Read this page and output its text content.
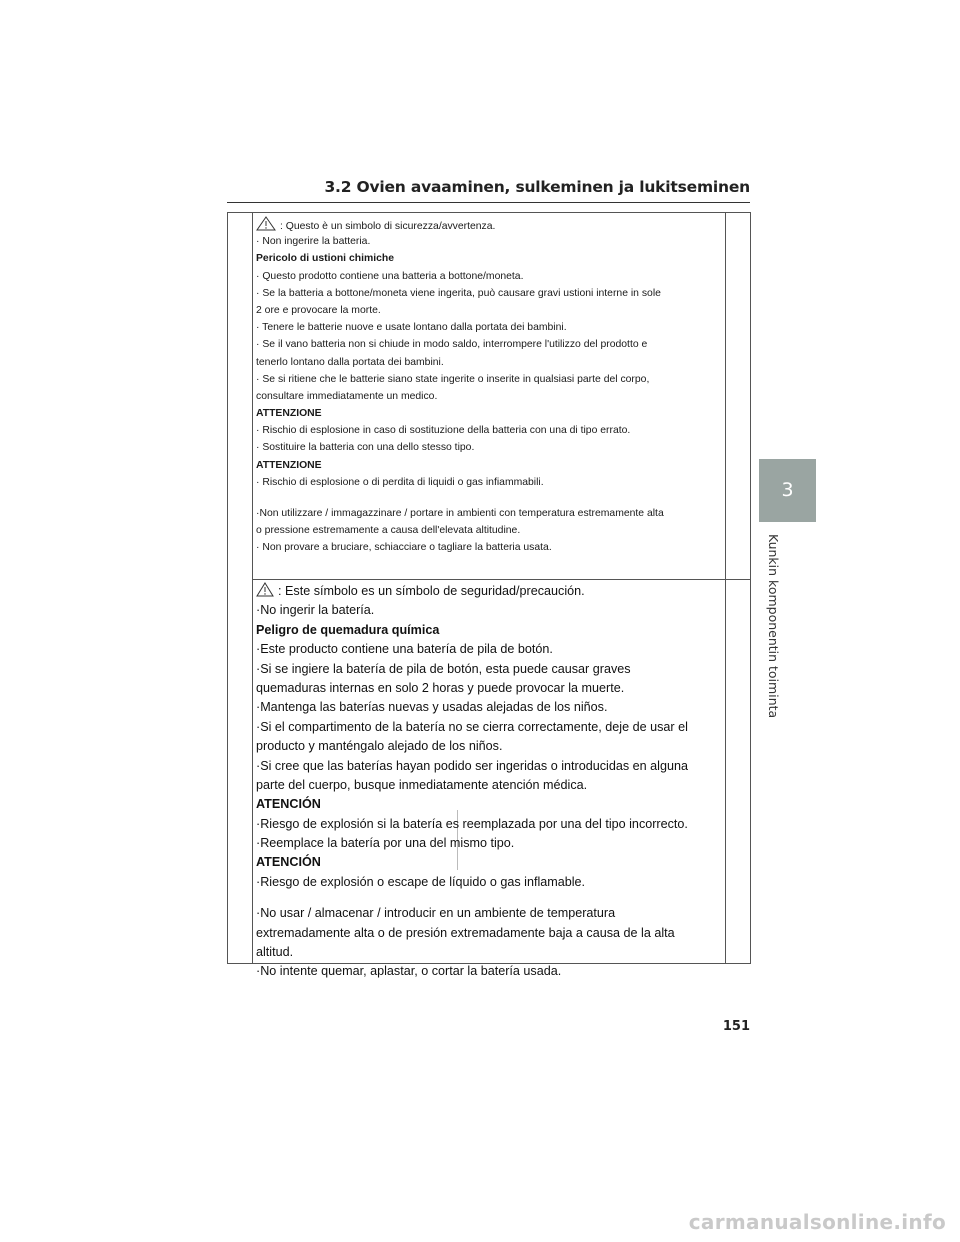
3.2 Ovien avaaminen, sulkeminen ja lukitseminen
3
Kunkin komponentin toiminta
: Questo è un simbolo di sicurezza/avvertenza.
· Non ingerire la batteria.
Pericolo di ustioni chimiche
· Questo prodotto contiene una batteria a bottone/moneta.
· Se la batteria a bottone/moneta viene ingerita, può causare gravi ustioni interne in sole
2 ore e provocare la morte.
· Tenere le batterie nuove e usate lontano dalla portata dei bambini.
· Se il vano batteria non si chiude in modo saldo, interrompere l'utilizzo del prodotto e
tenerlo lontano dalla portata dei bambini.
· Se si ritiene che le batterie siano state ingerite o inserite in qualsiasi parte del corpo,
consultare immediatamente un medico.
ATTENZIONE
· Rischio di esplosione in caso di sostituzione della batteria con una di tipo errato.
· Sostituire la batteria con una dello stesso tipo.
ATTENZIONE
· Rischio di esplosione o di perdita di liquidi o gas infiammabili.
·Non utilizzare / immagazzinare / portare in ambienti con temperatura estremamente alta
o pressione estremamente a causa dell'elevata altitudine.
· Non provare a bruciare, schiacciare o tagliare la batteria usata.
: Este símbolo es un símbolo de seguridad/precaución.
·No ingerir la batería.
Peligro de quemadura química
·Este producto contiene una batería de pila de botón.
·Si se ingiere la batería de pila de botón, esta puede causar graves
quemaduras internas en solo 2 horas y puede provocar la muerte.
·Mantenga las baterías nuevas y usadas alejadas de los niños.
·Si el compartimento de la batería no se cierra correctamente, deje de usar el
producto y manténgalo alejado de los niños.
·Si cree que las baterías hayan podido ser ingeridas o introducidas en alguna
parte del cuerpo, busque inmediatamente atención médica.
ATENCIÓN
·Riesgo de explosión si la batería es reemplazada por una del tipo incorrecto.
·Reemplace la batería por una del mismo tipo.
ATENCIÓN
·Riesgo de explosión o escape de líquido o gas inflamable.
·No usar / almacenar / introducir en un ambiente de temperatura
extremadamente alta o de presión extremadamente baja a causa de la alta
altitud.
·No intente quemar, aplastar, o cortar la batería usada.
151
carmanualsonline.info
